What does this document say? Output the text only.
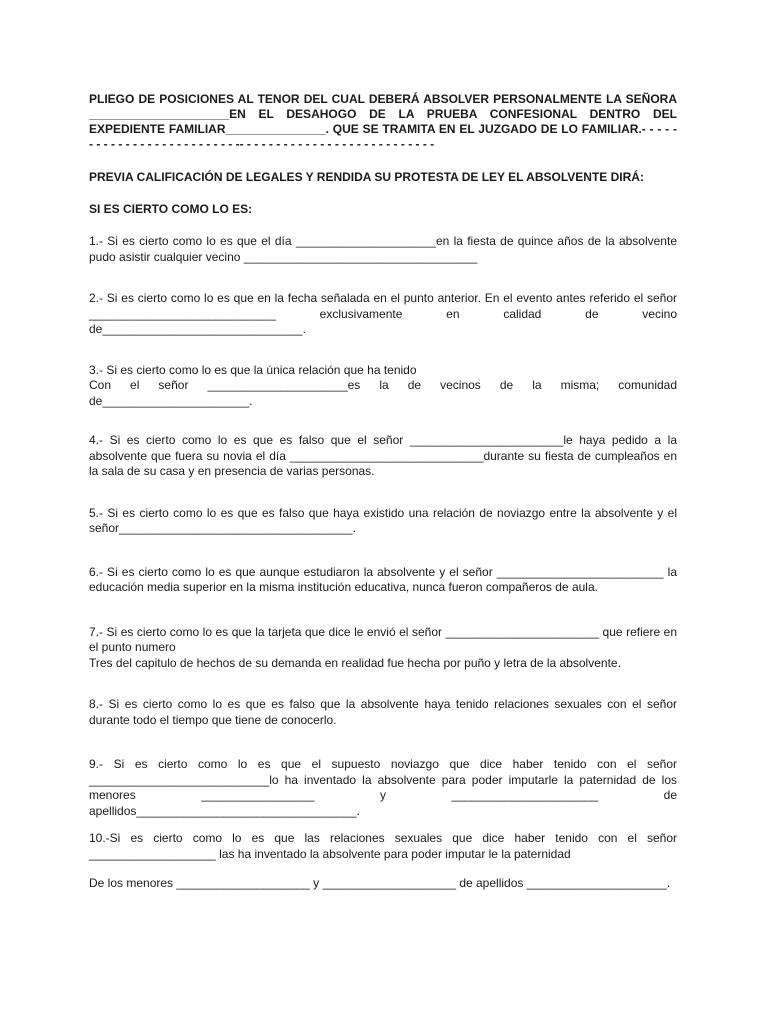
PLIEGO DE POSICIONES AL TENOR DEL CUAL DEBERÁ ABSOLVER PERSONALMENTE LA SEÑORA _____________________EN EL DESAHOGO DE LA PRUEBA CONFESIONAL DENTRO DEL EXPEDIENTE FAMILIAR_______________. QUE SE TRAMITA EN EL JUZGADO DE LO FAMILIAR.- - - - - - - - - - - - - - - - - - - - - - - - - -- - - - - - - - - - - - - - - - - - - - - - - - - - -

PREVIA CALIFICACIÓN DE LEGALES Y RENDIDA SU PROTESTA DE LEY EL ABSOLVENTE DIRÁ:

SI ES CIERTO COMO LO ES:

1.- Si es cierto como lo es que el día _____________________en la fiesta de quince años de la absolvente pudo asistir cualquier vecino ___________________________________

2.- Si es cierto como lo es que en la fecha señalada en el punto anterior. En el evento antes referido el señor ____________________________ exclusivamente en calidad de vecino de______________________________.

3.- Si es cierto como lo es que la única relación que ha tenido

Con el señor _____________________es la de vecinos de la misma; comunidad de______________________.

4.- Si es cierto como lo es que es falso que el señor _______________________le haya pedido a la absolvente que fuera su novia el día _____________________________durante su fiesta de cumpleaños en la sala de su casa y en presencia de varias personas.

5.- Si es cierto como lo es que es falso que haya existido una relación de noviazgo entre la absolvente y el señor___________________________________.

6.- Si es cierto como lo es que aunque estudiaron la absolvente y el señor _________________________ la educación media superior en la misma institución educativa, nunca fueron compañeros de aula.

7.- Si es cierto como lo es que la tarjeta que dice le envió el señor _______________________ que refiere en el punto numero

Tres del capitulo de hechos de su demanda en realidad fue hecha por puño y letra de la absolvente.

8.- Si es cierto como lo es que es falso que la absolvente haya tenido relaciones sexuales con el señor durante todo el tiempo que tiene de conocerlo.

9.- Si es cierto como lo es que el supuesto noviazgo que dice haber tenido con el señor ___________________________lo ha inventado la absolvente para poder imputarle la paternidad de los menores _________________ y ______________________ de apellidos_________________________________.

10.-Si es cierto como lo es que las relaciones sexuales que dice haber tenido con el señor ___________________ las ha inventado la absolvente para poder imputar le la paternidad

De los menores ____________________ y ____________________ de apellidos _____________________.
